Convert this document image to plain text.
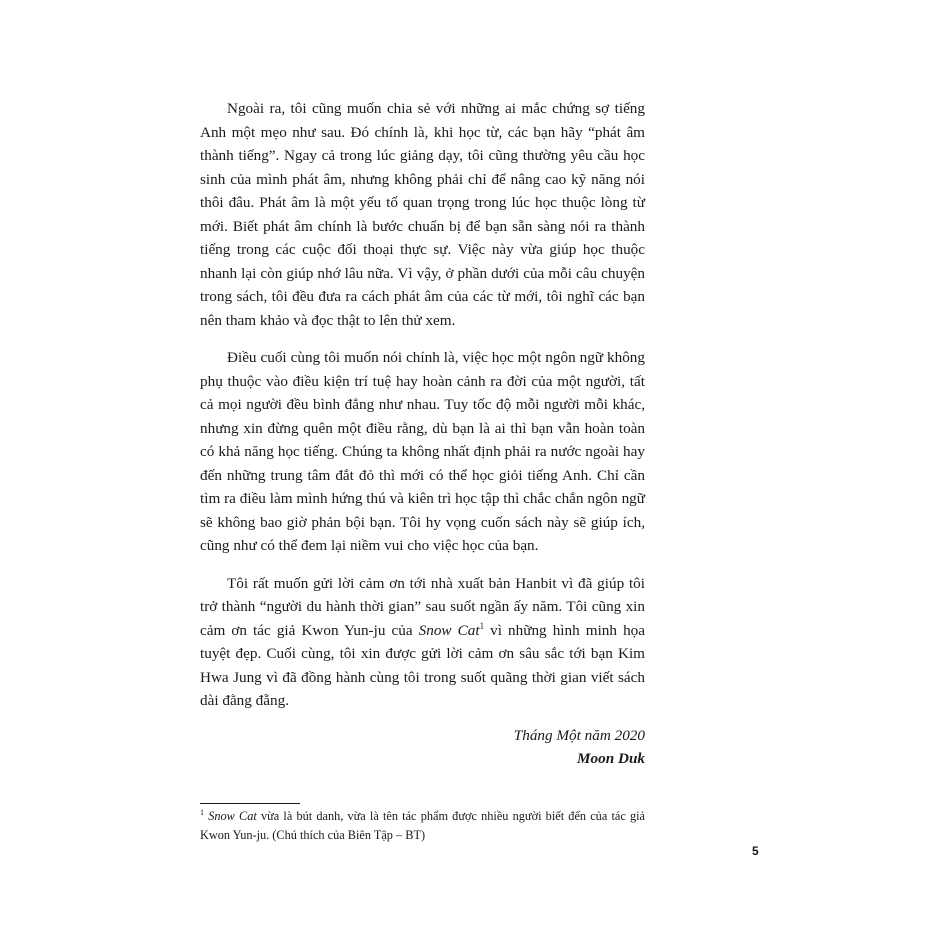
Ngoài ra, tôi cũng muốn chia sẻ với những ai mắc chứng sợ tiếng Anh một mẹo như sau. Đó chính là, khi học từ, các bạn hãy “phát âm thành tiếng”. Ngay cả trong lúc giảng dạy, tôi cũng thường yêu cầu học sinh của mình phát âm, nhưng không phải chỉ để nâng cao kỹ năng nói thôi đâu. Phát âm là một yếu tố quan trọng trong lúc học thuộc lòng từ mới. Biết phát âm chính là bước chuẩn bị để bạn sẵn sàng nói ra thành tiếng trong các cuộc đối thoại thực sự. Việc này vừa giúp học thuộc nhanh lại còn giúp nhớ lâu nữa. Vì vậy, ở phần dưới của mỗi câu chuyện trong sách, tôi đều đưa ra cách phát âm của các từ mới, tôi nghĩ các bạn nên tham khảo và đọc thật to lên thử xem.

Điều cuối cùng tôi muốn nói chính là, việc học một ngôn ngữ không phụ thuộc vào điều kiện trí tuệ hay hoàn cảnh ra đời của một người, tất cả mọi người đều bình đẳng như nhau. Tuy tốc độ mỗi người mỗi khác, nhưng xin đừng quên một điều rằng, dù bạn là ai thì bạn vẫn hoàn toàn có khả năng học tiếng. Chúng ta không nhất định phải ra nước ngoài hay đến những trung tâm đắt đỏ thì mới có thể học giỏi tiếng Anh. Chỉ cần tìm ra điều làm mình hứng thú và kiên trì học tập thì chắc chắn ngôn ngữ sẽ không bao giờ phản bội bạn. Tôi hy vọng cuốn sách này sẽ giúp ích, cũng như có thể đem lại niềm vui cho việc học của bạn.

Tôi rất muốn gửi lời cảm ơn tới nhà xuất bản Hanbit vì đã giúp tôi trở thành “người du hành thời gian” sau suốt ngần ấy năm. Tôi cũng xin cảm ơn tác giả Kwon Yun-ju của Snow Cat$^1$ vì những hình minh họa tuyệt đẹp. Cuối cùng, tôi xin được gửi lời cảm ơn sâu sắc tới bạn Kim Hwa Jung vì đã đồng hành cùng tôi trong suốt quãng thời gian viết sách dài đằng đẵng.

Tháng Một năm 2020
Moon Duk
$^1$ Snow Cat vừa là bút danh, vừa là tên tác phẩm được nhiều người biết đến của tác giả Kwon Yun-ju. (Chú thích của Biên Tập – BT)
5
